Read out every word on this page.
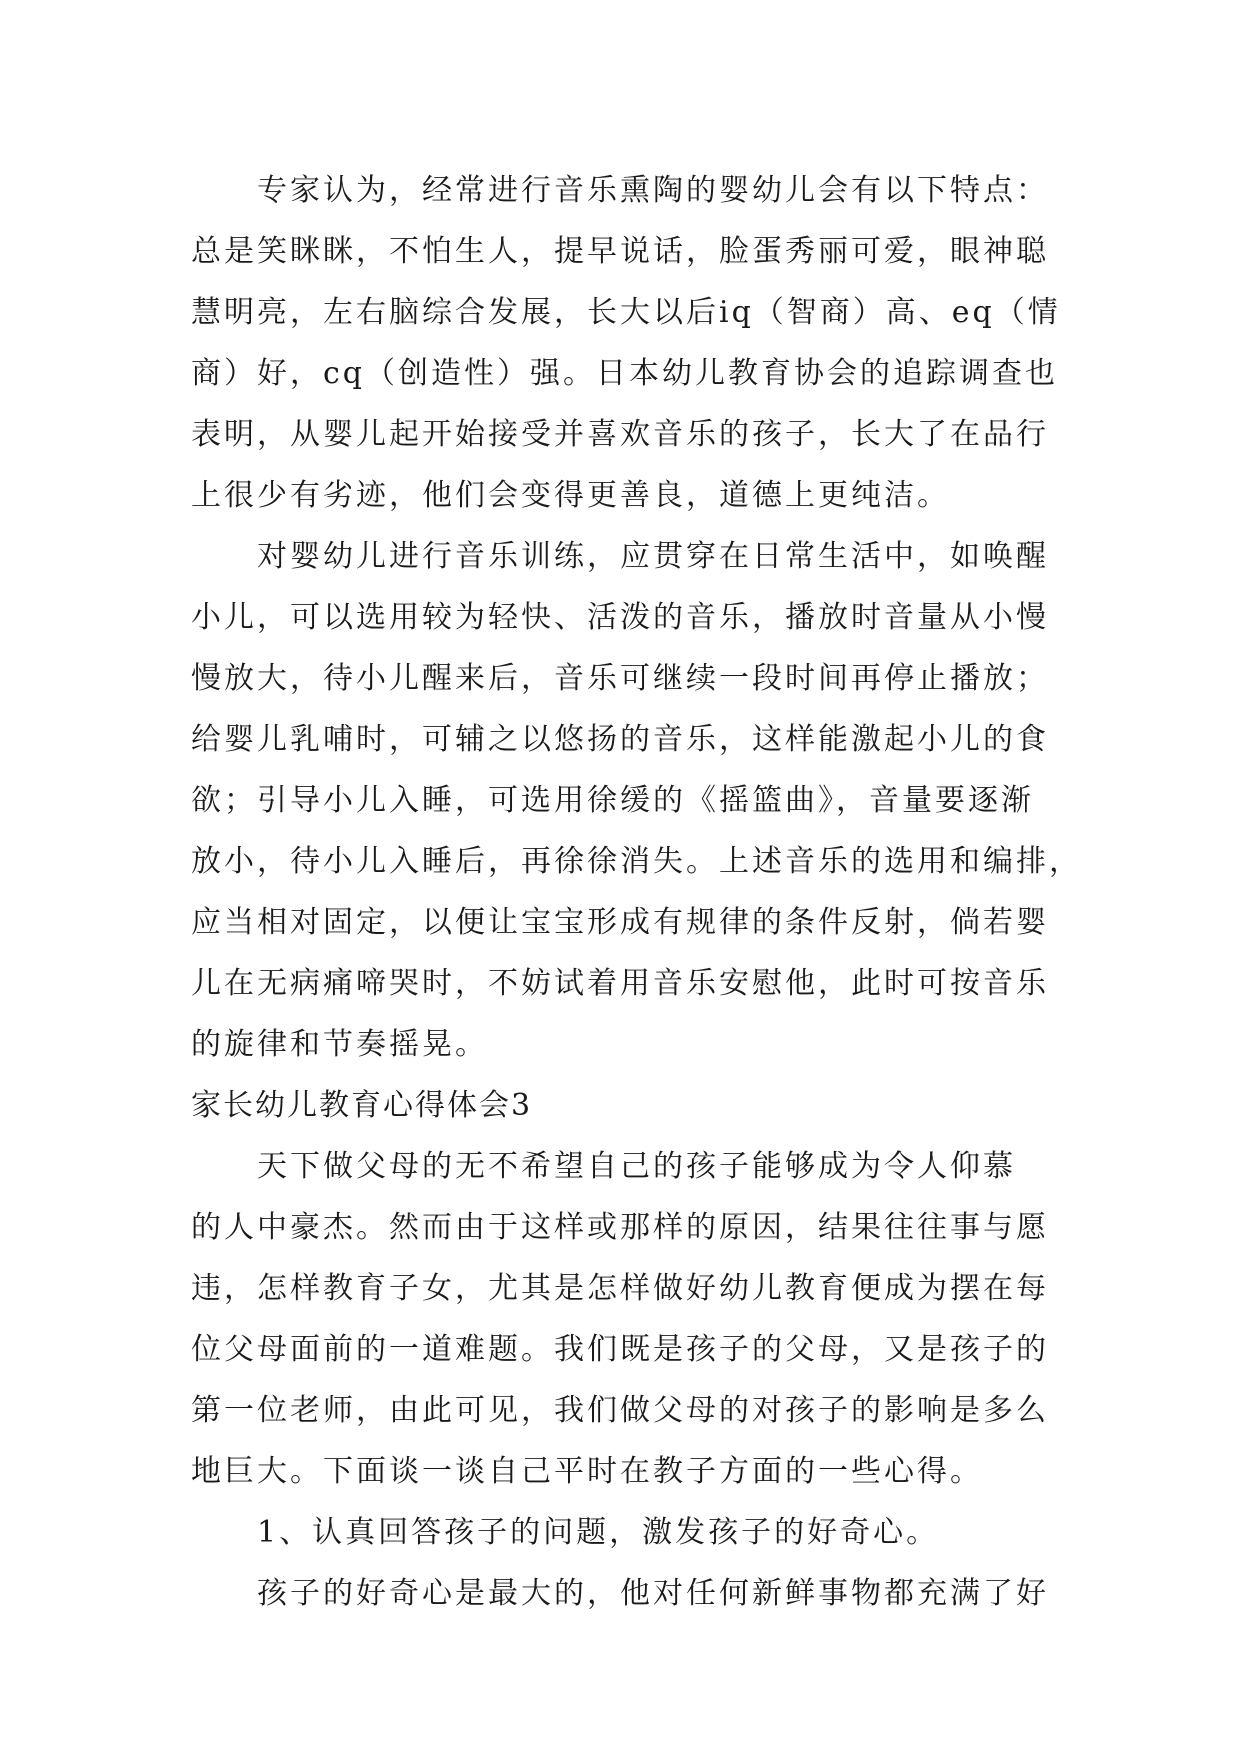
专家认为，经常进行音乐熏陶的婴幼儿会有以下特点：
总是笑眯眯，不怕生人，提早说话，脸蛋秀丽可爱，眼神聪
慧明亮，左右脑综合发展，长大以后iq（智商）高、eq（情
商）好，cq（创造性）强。日本幼儿教育协会的追踪调查也
表明，从婴儿起开始接受并喜欢音乐的孩子，长大了在品行
上很少有劣迹，他们会变得更善良，道德上更纯洁。
对婴幼儿进行音乐训练，应贯穿在日常生活中，如唤醒
小儿，可以选用较为轻快、活泼的音乐，播放时音量从小慢
慢放大，待小儿醒来后，音乐可继续一段时间再停止播放；
给婴儿乳哺时，可辅之以悠扬的音乐，这样能激起小儿的食
欲；引导小儿入睡，可选用徐缓的《摇篮曲》，音量要逐渐
放小，待小儿入睡后，再徐徐消失。上述音乐的选用和编排，
应当相对固定，以便让宝宝形成有规律的条件反射，倘若婴
儿在无病痛啼哭时，不妨试着用音乐安慰他，此时可按音乐
的旋律和节奏摇晃。
家长幼儿教育心得体会3
天下做父母的无不希望自己的孩子能够成为令人仰慕
的人中豪杰。然而由于这样或那样的原因，结果往往事与愿
违，怎样教育子女，尤其是怎样做好幼儿教育便成为摆在每
位父母面前的一道难题。我们既是孩子的父母，又是孩子的
第一位老师，由此可见，我们做父母的对孩子的影响是多么
地巨大。下面谈一谈自己平时在教子方面的一些心得。
1、认真回答孩子的问题，激发孩子的好奇心。
孩子的好奇心是最大的，他对任何新鲜事物都充满了好
